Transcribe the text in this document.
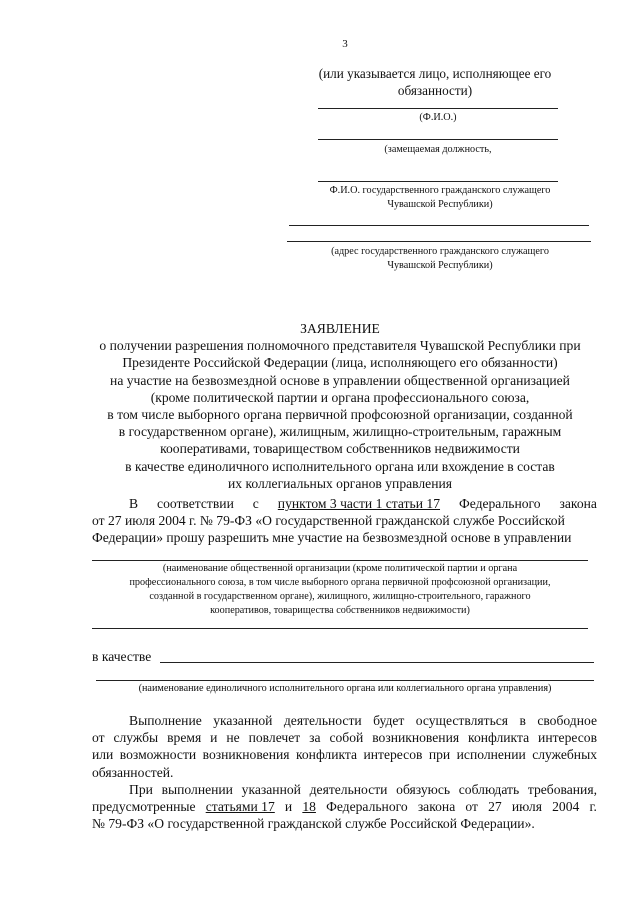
3
(или указывается лицо, исполняющее его
обязанности)
(Ф.И.О.)
(замещаемая должность,
Ф.И.О. государственного гражданского служащего
Чувашской Республики)
(адрес государственного гражданского служащего
Чувашской Республики)
ЗАЯВЛЕНИЕ
о получении разрешения полномочного представителя Чувашской Республики при
Президенте Российской Федерации (лица, исполняющего его обязанности)
на участие на безвозмездной основе в управлении общественной организацией
(кроме политической партии и органа профессионального союза,
в том числе выборного органа первичной профсоюзной организации, созданной
в государственном органе), жилищным, жилищно-строительным, гаражным
кооперативами, товариществом собственников недвижимости
в качестве единоличного исполнительного органа или вхождение в состав
их коллегиальных органов управления
В соответствии с пунктом 3 части 1 статьи 17 Федерального закона
от 27 июля 2004 г. № 79-ФЗ «О государственной гражданской службе Российской
Федерации» прошу разрешить мне участие на безвозмездной основе в управлении
(наименование общественной организации (кроме политической партии и органа
профессионального союза, в том числе выборного органа первичной профсоюзной организации,
созданной в государственном органе), жилищного, жилищно-строительного, гаражного
кооперативов, товарищества собственников недвижимости)
в качестве
(наименование единоличного исполнительного органа или коллегиального органа управления)
Выполнение указанной деятельности будет осуществляться в свободное
от службы время и не повлечет за собой возникновения конфликта интересов
или возможности возникновения конфликта интересов при исполнении служебных
обязанностей.
При выполнении указанной деятельности обязуюсь соблюдать требования,
предусмотренные статьями 17 и 18 Федерального закона от 27 июля 2004 г.
№ 79-ФЗ «О государственной гражданской службе Российской Федерации».
